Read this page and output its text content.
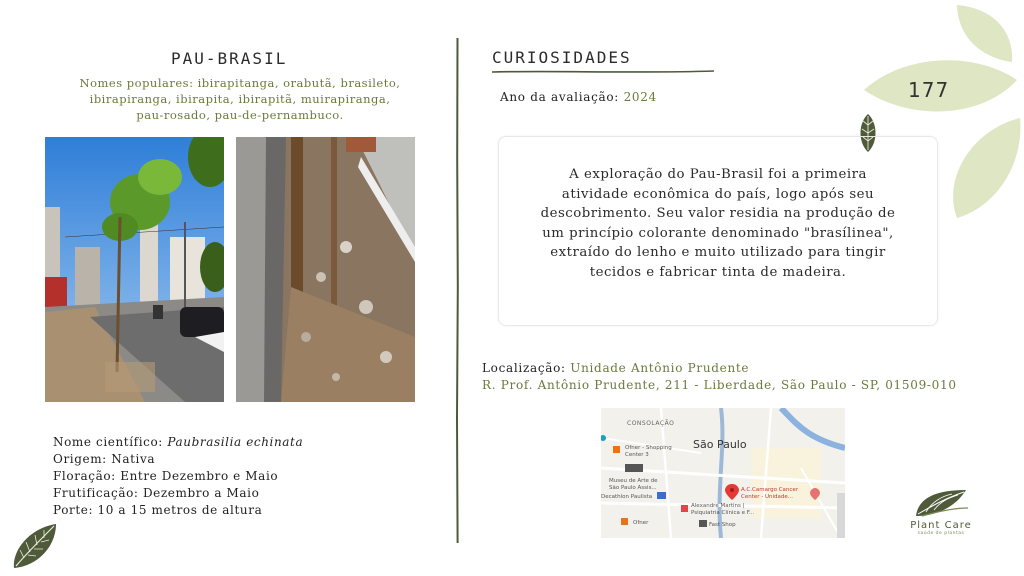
PAU-BRASIL
Nomes populares: ibirapitanga, orabutã, brasileto,
ibirapiranga, ibirapita, ibirapitã, muirapiranga,
pau-rosado, pau-de-pernambuco.
Nome científico: Paubrasilia echinata
Origem: Nativa
Floração: Entre Dezembro e Maio
Frutificação: Dezembro a Maio
Porte: 10 a 15 metros de altura
CURIOSIDADES
Ano da avaliação: 2024	177
A exploração do Pau-Brasil foi a primeira
atividade econômica do país, logo após seu
descobrimento. Seu valor residia na produção de
um princípio colorante denominado "brasílinea",
extraído do lenho e muito utilizado para tingir
tecidos e fabricar tinta de madeira.
Localização: Unidade Antônio Prudente
R. Prof. Antônio Prudente, 211 - Liberdade, São Paulo - SP, 01509-010
CONSOLAÇÃO
São Paulo
Ofner - Shopping
Center 3
Museu de Arte de
São Paulo Assis...
Decathlon Paulista
Alexandre Martins |
Psiquiatria Clínica e F...
A.C.Camargo Cancer
Center - Unidade...
Ofner	Fast Shop	Plant Care
saúde de plantas
